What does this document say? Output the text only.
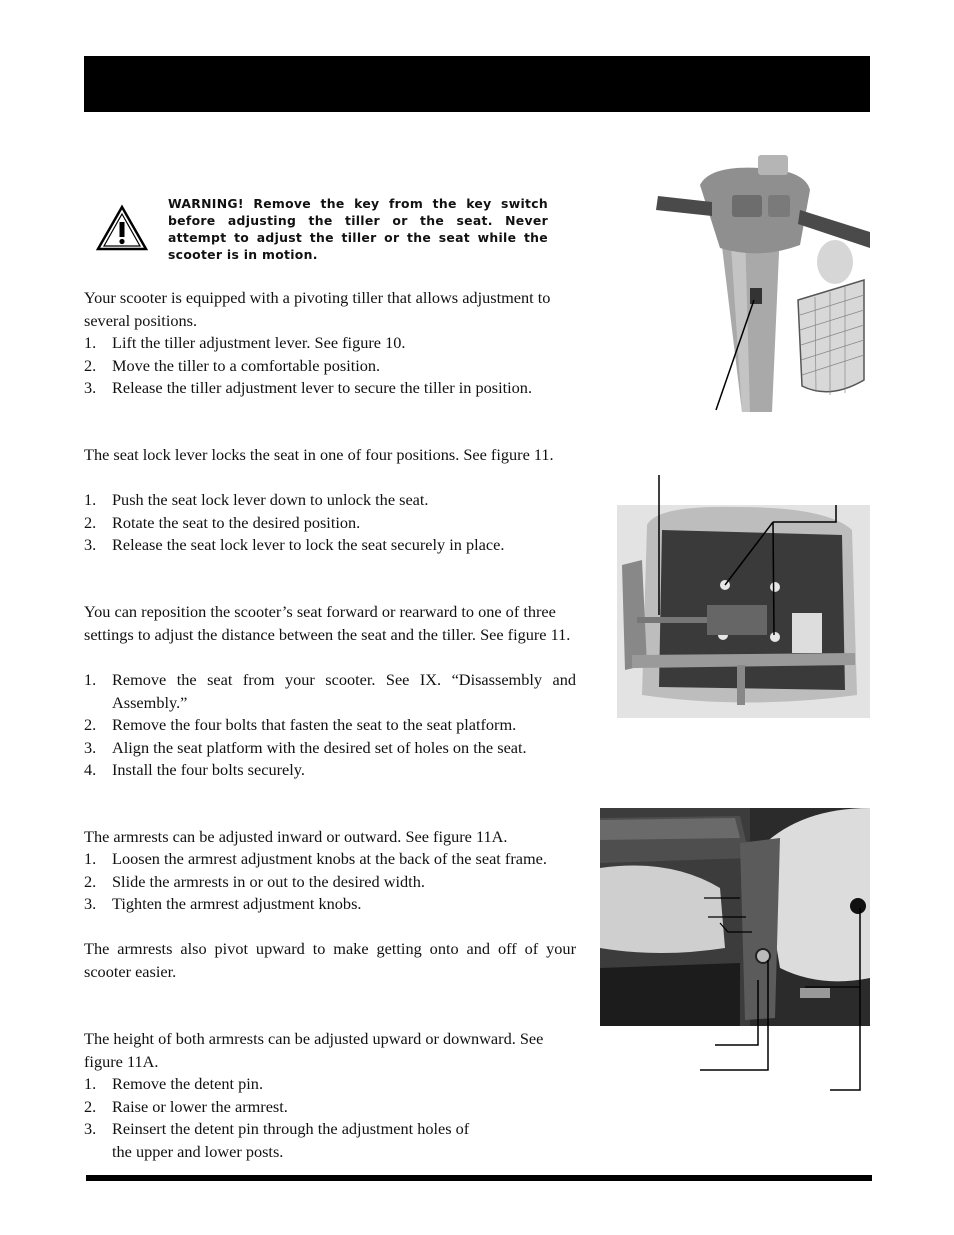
WARNING! Remove the key from the key switch before adjusting the tiller or the seat. Never attempt to adjust the tiller or the seat while the scooter is in motion.

Your scooter is equipped with a pivoting tiller that allows adjustment to several positions.

1. Lift the tiller adjustment lever. See figure 10.
2. Move the tiller to a comfortable position.
3. Release the tiller adjustment lever to secure the tiller in position.

The seat lock lever locks the seat in one of four positions. See figure 11.

1. Push the seat lock lever down to unlock the seat.
2. Rotate the seat to the desired position.
3. Release the seat lock lever to lock the seat securely in place.

You can reposition the scooter’s seat forward or rearward to one of three settings to adjust the distance between the seat and the tiller. See figure 11.

1. Remove the seat from your scooter. See IX. “Disassembly and Assembly.”
2. Remove the four bolts that fasten the seat to the seat platform.
3. Align the seat platform with the desired set of holes on the seat.
4. Install the four bolts securely.

The armrests can be adjusted inward or outward. See figure 11A.

1. Loosen the armrest adjustment knobs at the back of the seat frame.
2. Slide the armrests in or out to the desired width.
3. Tighten the armrest adjustment knobs.

The armrests also pivot upward to make getting onto and off of your scooter easier.

The height of both armrests can be adjusted upward or downward. See figure 11A.

1. Remove the detent pin.
2. Raise or lower the armrest.
3. Reinsert the detent pin through the adjustment holes of
the upper and lower posts.
